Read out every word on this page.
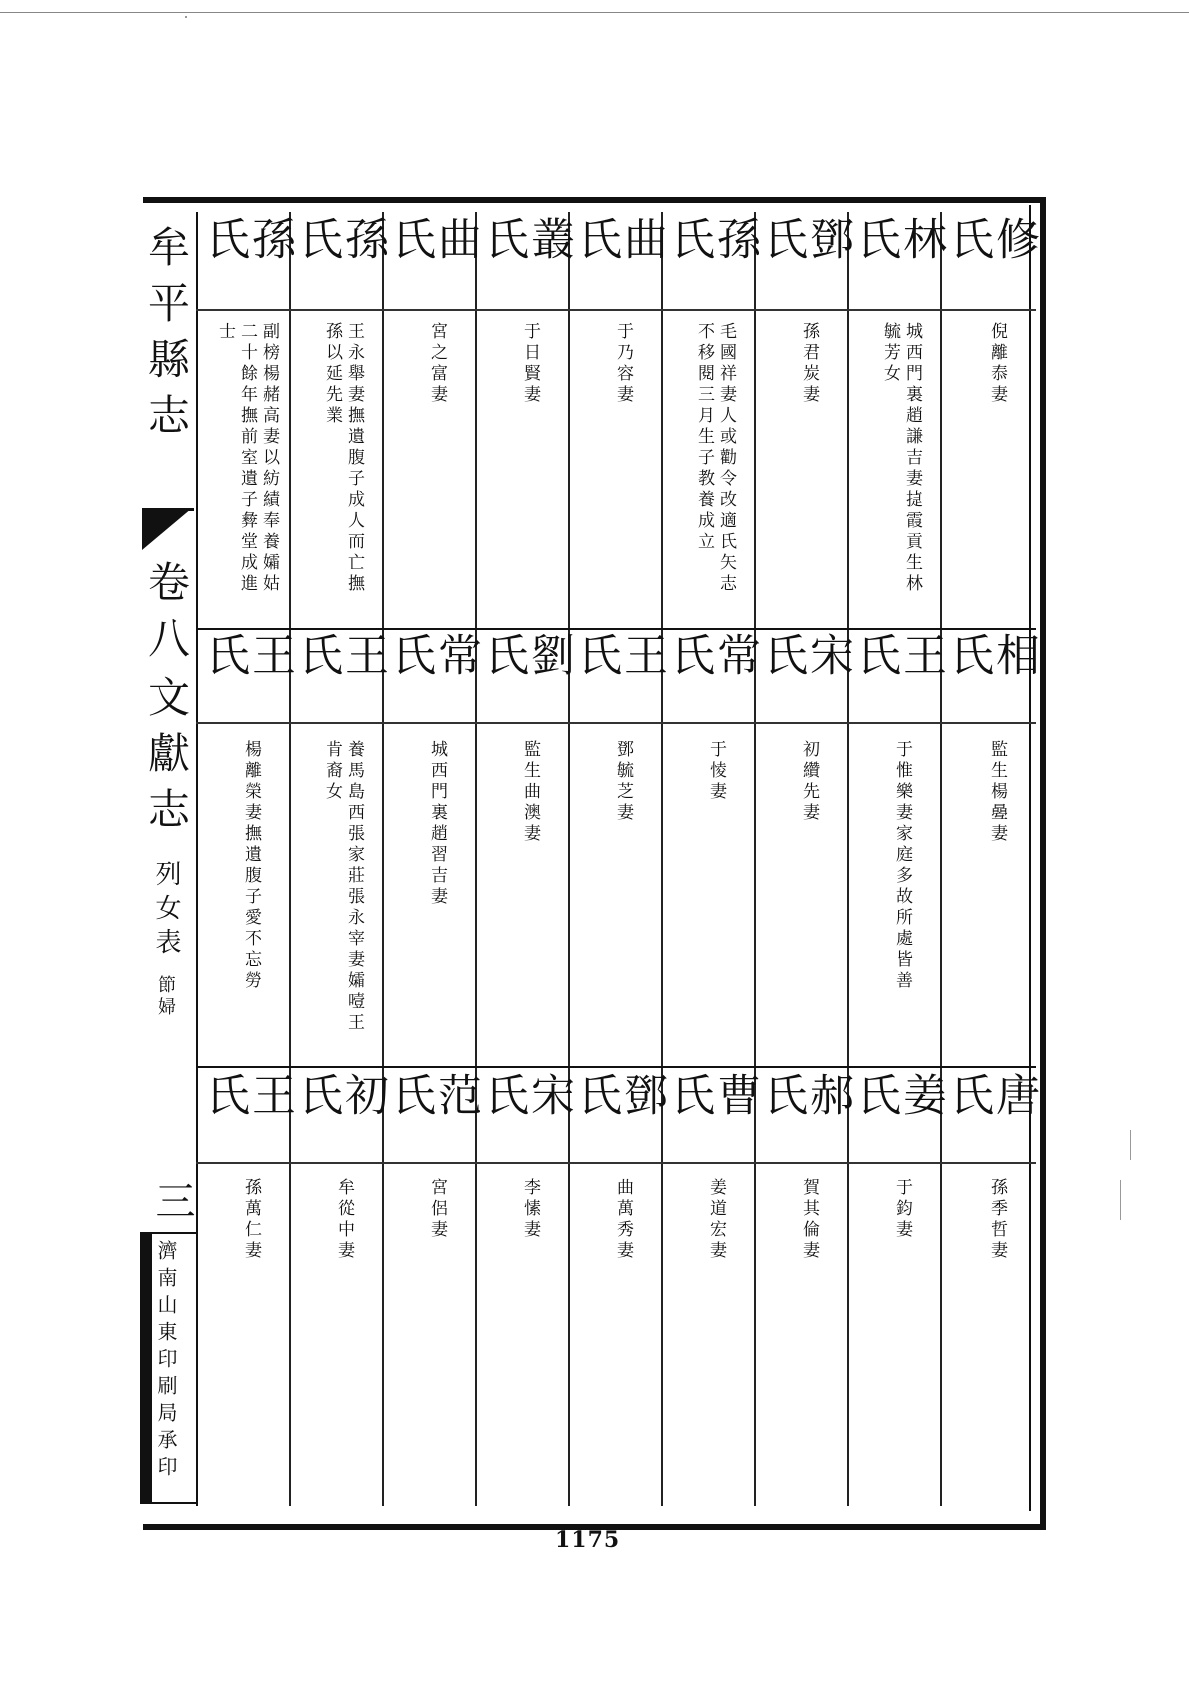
牟平縣志
卷八
文獻志
列女表
節婦
三
濟南山東印刷局承印
修氏
倪離㤗妻
林氏
城西門裏趙謙吉妻㨗霞貢生林
毓芳女
鄧氏
孫君炭妻
孫氏
毛國祥妻人或勸令改適氏矢志
不移閱三月生子教養成立
曲氏
于乃容妻
叢氏
于日賢妻
曲氏
宮之富妻
孫氏
王永舉妻撫遺腹子成人而亡撫
孫以延先業
孫氏
副榜楊赭高妻以紡績奉養孀姑
二十餘年撫前室遺子彜堂成進
士
相氏
監生楊㬪妻
王氏
于惟樂妻家庭多故所處皆善
宋氏
初纘先妻
常氏
于㥄妻
王氏
鄧毓芝妻
劉氏
監生曲澳妻
常氏
城西門裏趙習吉妻
王氏
養馬島西張家莊張永宰妻孀噎王
肯裔女
王氏
楊離榮妻撫遺腹子愛不忘勞
唐氏
孫季哲妻
姜氏
于鈞妻
郝氏
賀其倫妻
曹氏
姜道宏妻
鄧氏
曲萬秀妻
宋氏
李愫妻
范氏
宮侶妻
初氏
牟從中妻
王氏
孫萬仁妻
1175
